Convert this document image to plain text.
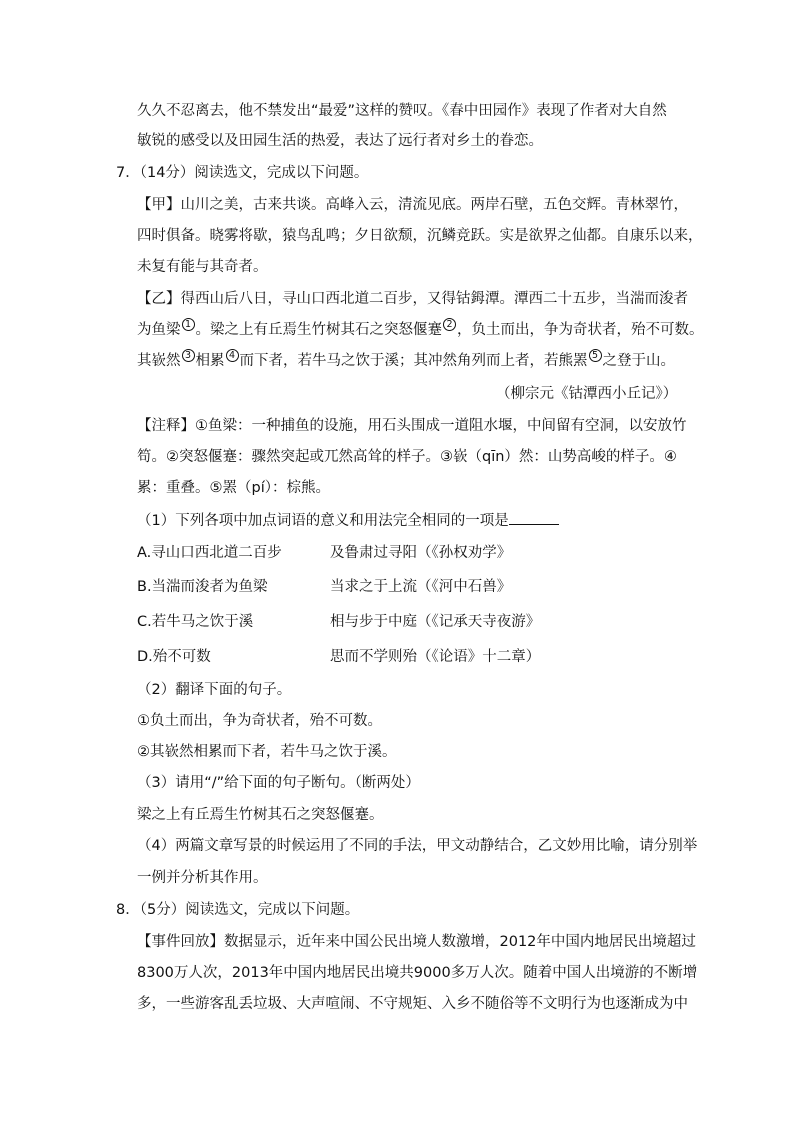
久久不忍离去，他不禁发出“最爱”这样的赞叹。《春中田园作》表现了作者对大自然
敏锐的感受以及田园生活的热爱，表达了远行者对乡土的眷恋。
7．（14分）阅读选文，完成以下问题。
【甲】山川之美，古来共谈。高峰入云，清流见底。两岸石壁，五色交辉。青林翠竹，
四时俱备。晓雾将歇，猿鸟乱鸣；夕日欲颓，沉鳞竞跃。实是欲界之仙都。自康乐以来，
未复有能与其奇者。
【乙】得西山后八日，寻山口西北道二百步，又得钴鉧潭。潭西二十五步，当湍而浚者
为鱼梁 1 。梁之上有丘焉生竹树其石之突怒偃蹇 2 ，负土而出，争为奇状者，殆不可数。
其嵚然 3 相累 4 而下者，若牛马之饮于溪；其冲然角列而上者，若熊罴 5 之登于山。
（柳宗元《钴潭西小丘记》）
【注释】①鱼梁：一种捕鱼的设施，用石头围成一道阻水堰，中间留有空洞，以安放竹
笱。②突怒偃蹇：骤然突起或兀然高耸的样子。③嵚（qīn）然：山势高峻的样子。④
累：重叠。⑤罴（pí）：棕熊。
（1）下列各项中加点词语的意义和用法完全相同的一项是
A.寻山口西北道二百步	及鲁肃过寻阳（《孙权劝学》
B.当湍而浚者为鱼梁	当求之于上流（《河中石兽》
C.若牛马之饮于溪	相与步于中庭（《记承天寺夜游》
D.殆不可数	思而不学则殆（《论语》十二章）
（2）翻译下面的句子。
①负土而出，争为奇状者，殆不可数。
②其嵚然相累而下者，若牛马之饮于溪。
（3）请用“/”给下面的句子断句。（断两处）
梁之上有丘焉生竹树其石之突怒偃蹇。
（4）两篇文章写景的时候运用了不同的手法，甲文动静结合，乙文妙用比喻，请分别举
一例并分析其作用。
8．（5分）阅读选文，完成以下问题。
【事件回放】数据显示，近年来中国公民出境人数激增，2012年中国内地居民出境超过
8300万人次，2013年中国内地居民出境共9000多万人次。随着中国人出境游的不断增
多，一些游客乱丢垃圾、大声喧闹、不守规矩、入乡不随俗等不文明行为也逐渐成为中
